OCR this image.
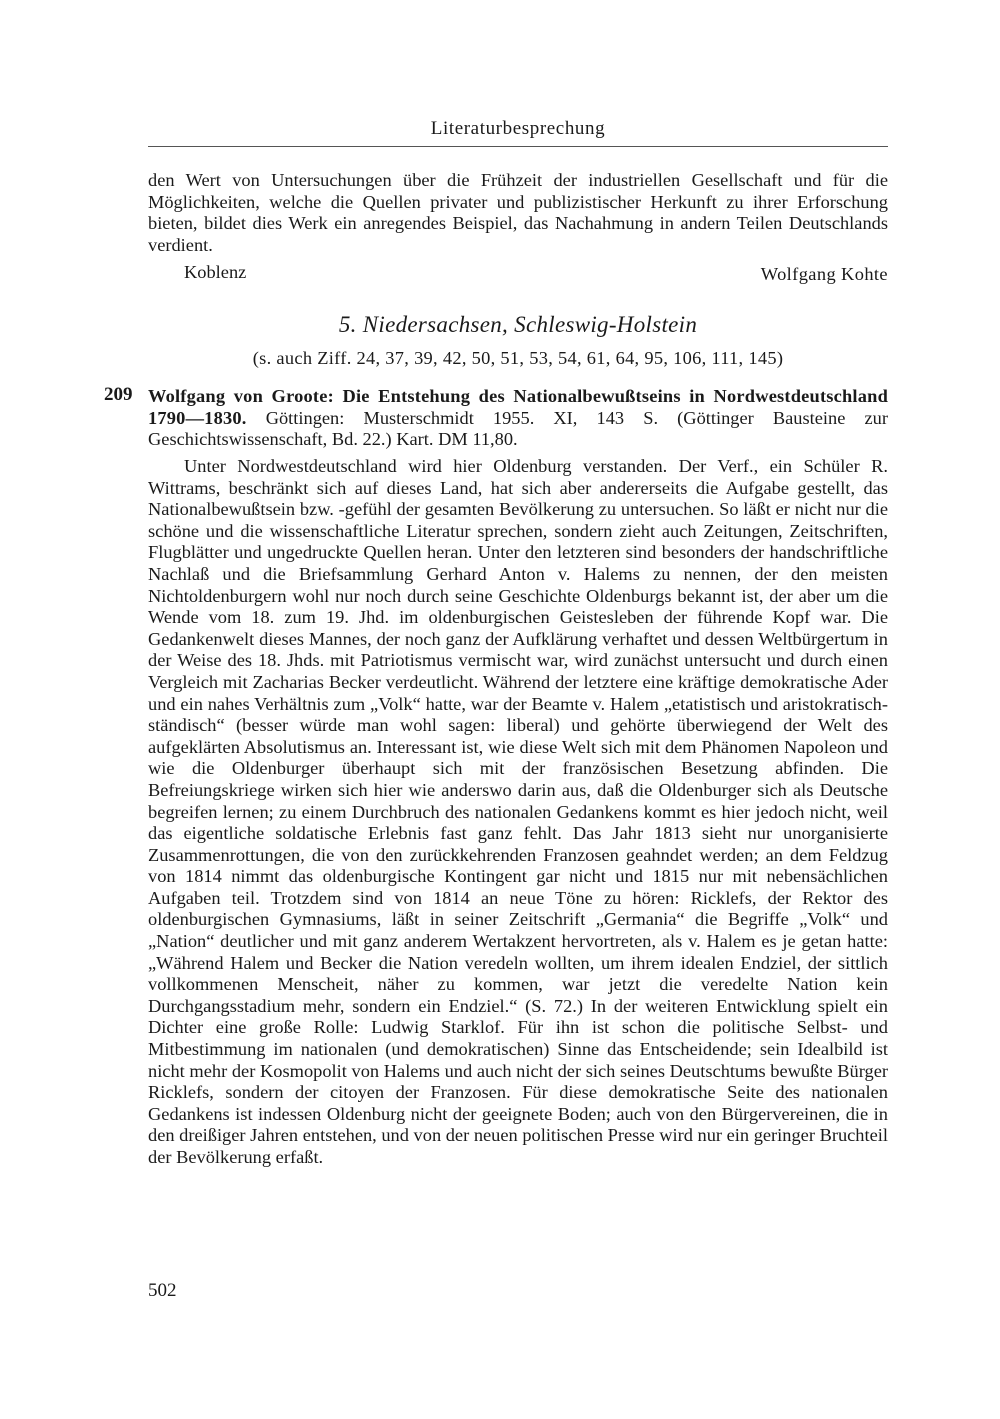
Literaturbesprechung

den Wert von Untersuchungen über die Frühzeit der industriellen Gesellschaft und für die Möglichkeiten, welche die Quellen privater und publizistischer Herkunft zu ihrer Erforschung bieten, bildet dies Werk ein anregendes Beispiel, das Nachahmung in andern Teilen Deutschlands verdient.

Koblenz	Wolfgang Kohte
5. Niedersachsen, Schleswig-Holstein
(s. auch Ziff. 24, 37, 39, 42, 50, 51, 53, 54, 61, 64, 95, 106, 111, 145)
209 Wolfgang von Groote: Die Entstehung des Nationalbewußtseins in Nordwestdeutschland 1790—1830. Göttingen: Musterschmidt 1955. XI, 143 S. (Göttinger Bausteine zur Geschichtswissenschaft, Bd. 22.) Kart. DM 11,80.

Unter Nordwestdeutschland wird hier Oldenburg verstanden. Der Verf., ein Schüler R. Wittrams, beschränkt sich auf dieses Land, hat sich aber andererseits die Aufgabe gestellt, das Nationalbewußtsein bzw. -gefühl der gesamten Bevölkerung zu untersuchen. So läßt er nicht nur die schöne und die wissenschaftliche Literatur sprechen, sondern zieht auch Zeitungen, Zeitschriften, Flugblätter und ungedruckte Quellen heran. Unter den letzteren sind besonders der handschriftliche Nachlaß und die Briefsammlung Gerhard Anton v. Halems zu nennen, der den meisten Nichtoldenburgern wohl nur noch durch seine Geschichte Oldenburgs bekannt ist, der aber um die Wende vom 18. zum 19. Jhd. im oldenburgischen Geistesleben der führende Kopf war. Die Gedankenwelt dieses Mannes, der noch ganz der Aufklärung verhaftet und dessen Weltbürgertum in der Weise des 18. Jhds. mit Patriotismus vermischt war, wird zunächst untersucht und durch einen Vergleich mit Zacharias Becker verdeutlicht. Während der letztere eine kräftige demokratische Ader und ein nahes Verhältnis zum „Volk“ hatte, war der Beamte v. Halem „etatistisch und aristokratisch-ständisch“ (besser würde man wohl sagen: liberal) und gehörte überwiegend der Welt des aufgeklärten Absolutismus an. Interessant ist, wie diese Welt sich mit dem Phänomen Napoleon und wie die Oldenburger überhaupt sich mit der französischen Besetzung abfinden. Die Befreiungskriege wirken sich hier wie anderswo darin aus, daß die Oldenburger sich als Deutsche begreifen lernen; zu einem Durchbruch des nationalen Gedankens kommt es hier jedoch nicht, weil das eigentliche soldatische Erlebnis fast ganz fehlt. Das Jahr 1813 sieht nur unorganisierte Zusammenrottungen, die von den zurückkehrenden Franzosen geahndet werden; an dem Feldzug von 1814 nimmt das oldenburgische Kontingent gar nicht und 1815 nur mit nebensächlichen Aufgaben teil. Trotzdem sind von 1814 an neue Töne zu hören: Ricklefs, der Rektor des oldenburgischen Gymnasiums, läßt in seiner Zeitschrift „Germania“ die Begriffe „Volk“ und „Nation“ deutlicher und mit ganz anderem Wertakzent hervortreten, als v. Halem es je getan hatte: „Während Halem und Becker die Nation veredeln wollten, um ihrem idealen Endziel, der sittlich vollkommenen Menscheit, näher zu kommen, war jetzt die veredelte Nation kein Durchgangsstadium mehr, sondern ein Endziel.“ (S. 72.) In der weiteren Entwicklung spielt ein Dichter eine große Rolle: Ludwig Starklof. Für ihn ist schon die politische Selbst- und Mitbestimmung im nationalen (und demokratischen) Sinne das Entscheidende; sein Idealbild ist nicht mehr der Kosmopolit von Halems und auch nicht der sich seines Deutschtums bewußte Bürger Ricklefs, sondern der citoyen der Franzosen. Für diese demokratische Seite des nationalen Gedankens ist indessen Oldenburg nicht der geeignete Boden; auch von den Bürgervereinen, die in den dreißiger Jahren entstehen, und von der neuen politischen Presse wird nur ein geringer Bruchteil der Bevölkerung erfaßt.

502
